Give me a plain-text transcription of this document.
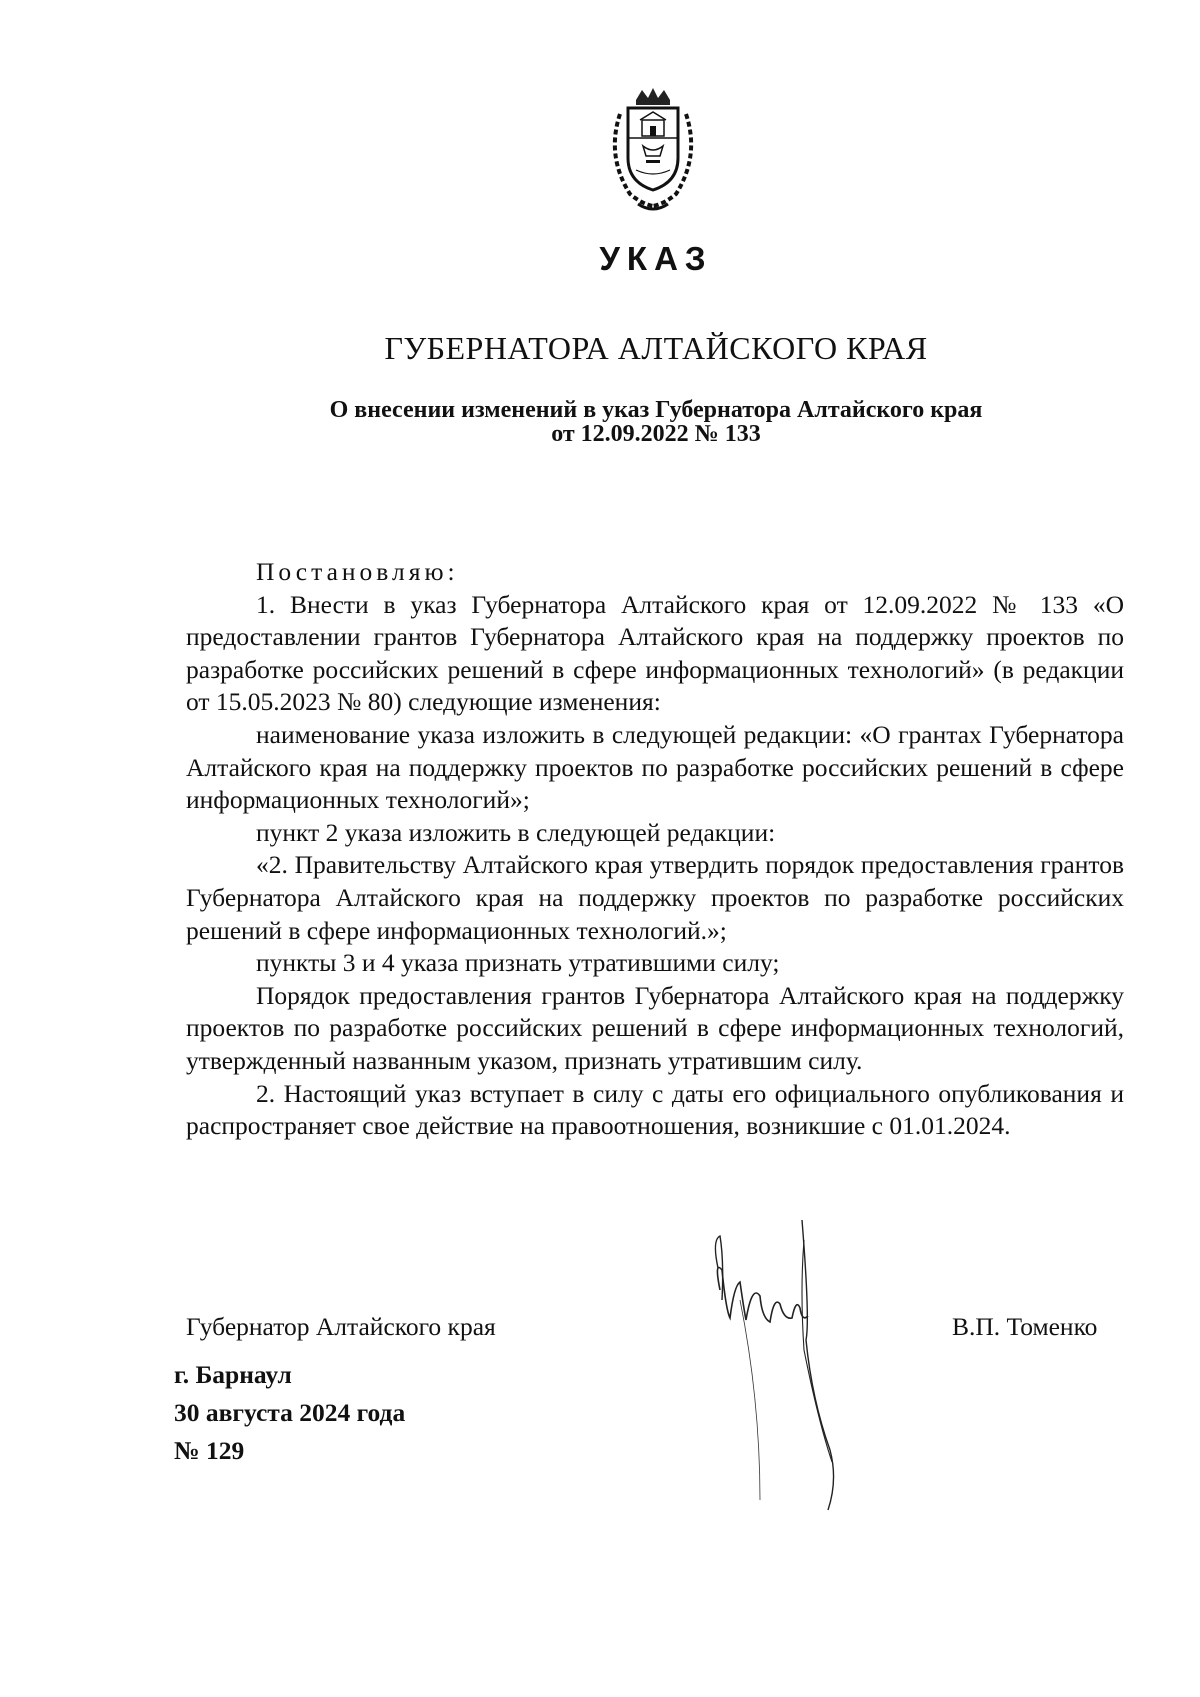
УКАЗ
ГУБЕРНАТОРА АЛТАЙСКОГО КРАЯ
О внесении изменений в указ Губернатора Алтайского края
от 12.09.2022 № 133

Постановляю:

1. Внести в указ Губернатора Алтайского края от 12.09.2022 № 133 «О предоставлении грантов Губернатора Алтайского края на поддержку проектов по разработке российских решений в сфере информационных технологий» (в редакции от 15.05.2023 № 80) следующие изменения:

наименование указа изложить в следующей редакции: «О грантах Губернатора Алтайского края на поддержку проектов по разработке российских решений в сфере информационных технологий»;

пункт 2 указа изложить в следующей редакции:

«2. Правительству Алтайского края утвердить порядок предоставления грантов Губернатора Алтайского края на поддержку проектов по разработке российских решений в сфере информационных технологий.»;

пункты 3 и 4 указа признать утратившими силу;

Порядок предоставления грантов Губернатора Алтайского края на поддержку проектов по разработке российских решений в сфере информационных технологий, утвержденный названным указом, признать утратившим силу.

2. Настоящий указ вступает в силу с даты его официального опубликования и распространяет свое действие на правоотношения, возникшие с 01.01.2024.

Губернатор Алтайского края	В.П. Томенко
г. Барнаул
30 августа 2024 года
№ 129
